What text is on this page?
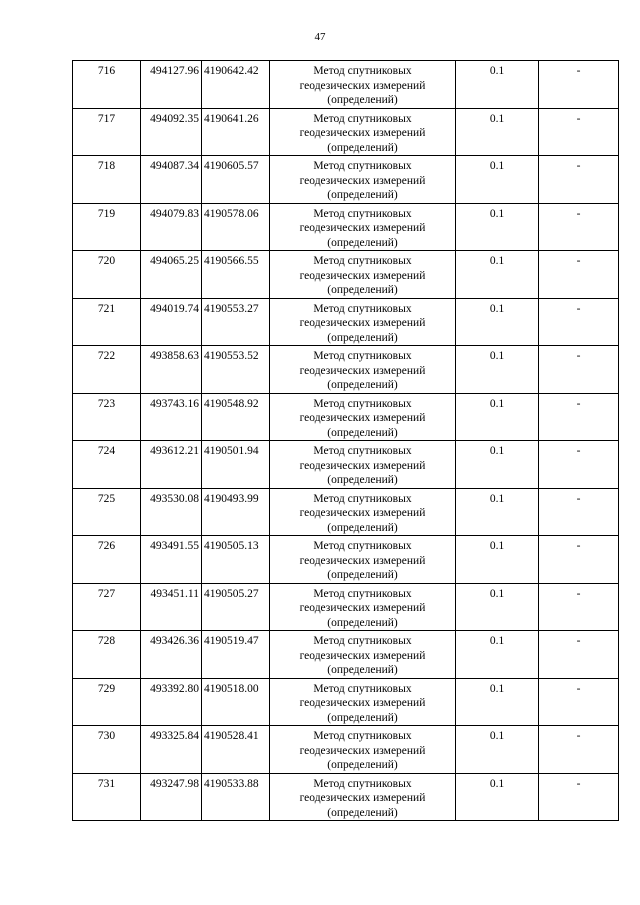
47
716	494127.96	4190642.42	Метод спутниковых
геодезических измерений
(определений)	0.1	-
717	494092.35	4190641.26	Метод спутниковых
геодезических измерений
(определений)	0.1	-
718	494087.34	4190605.57	Метод спутниковых
геодезических измерений
(определений)	0.1	-
719	494079.83	4190578.06	Метод спутниковых
геодезических измерений
(определений)	0.1	-
720	494065.25	4190566.55	Метод спутниковых
геодезических измерений
(определений)	0.1	-
721	494019.74	4190553.27	Метод спутниковых
геодезических измерений
(определений)	0.1	-
722	493858.63	4190553.52	Метод спутниковых
геодезических измерений
(определений)	0.1	-
723	493743.16	4190548.92	Метод спутниковых
геодезических измерений
(определений)	0.1	-
724	493612.21	4190501.94	Метод спутниковых
геодезических измерений
(определений)	0.1	-
725	493530.08	4190493.99	Метод спутниковых
геодезических измерений
(определений)	0.1	-
726	493491.55	4190505.13	Метод спутниковых
геодезических измерений
(определений)	0.1	-
727	493451.11	4190505.27	Метод спутниковых
геодезических измерений
(определений)	0.1	-
728	493426.36	4190519.47	Метод спутниковых
геодезических измерений
(определений)	0.1	-
729	493392.80	4190518.00	Метод спутниковых
геодезических измерений
(определений)	0.1	-
730	493325.84	4190528.41	Метод спутниковых
геодезических измерений
(определений)	0.1	-
731	493247.98	4190533.88	Метод спутниковых
геодезических измерений
(определений)	0.1	-
